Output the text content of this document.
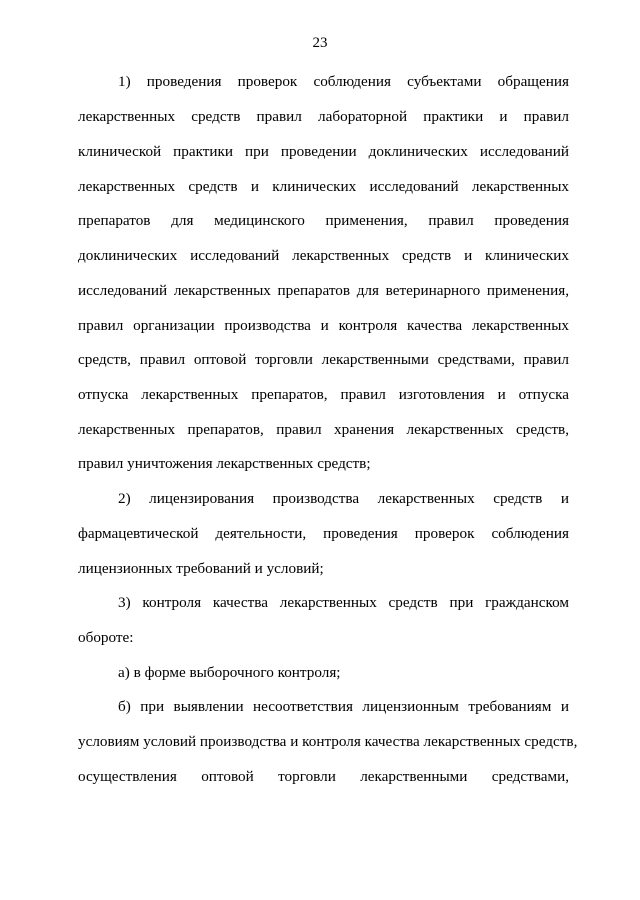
23
1) проведения проверок соблюдения субъектами обращения
лекарственных средств правил лабораторной практики и правил
клинической практики при проведении доклинических исследований
лекарственных средств и клинических исследований лекарственных
препаратов для медицинского применения, правил проведения
доклинических исследований лекарственных средств и клинических
исследований лекарственных препаратов для ветеринарного применения,
правил организации производства и контроля качества лекарственных
средств, правил оптовой торговли лекарственными средствами, правил
отпуска лекарственных препаратов, правил изготовления и отпуска
лекарственных препаратов, правил хранения лекарственных средств,
правил уничтожения лекарственных средств;
2) лицензирования производства лекарственных средств и
фармацевтической деятельности, проведения проверок соблюдения
лицензионных требований и условий;
3) контроля качества лекарственных средств при гражданском
обороте:
а) в форме выборочного контроля;
б) при выявлении несоответствия лицензионным требованиям и
условиям условий производства и контроля качества лекарственных средств,
осуществления оптовой торговли лекарственными средствами,
